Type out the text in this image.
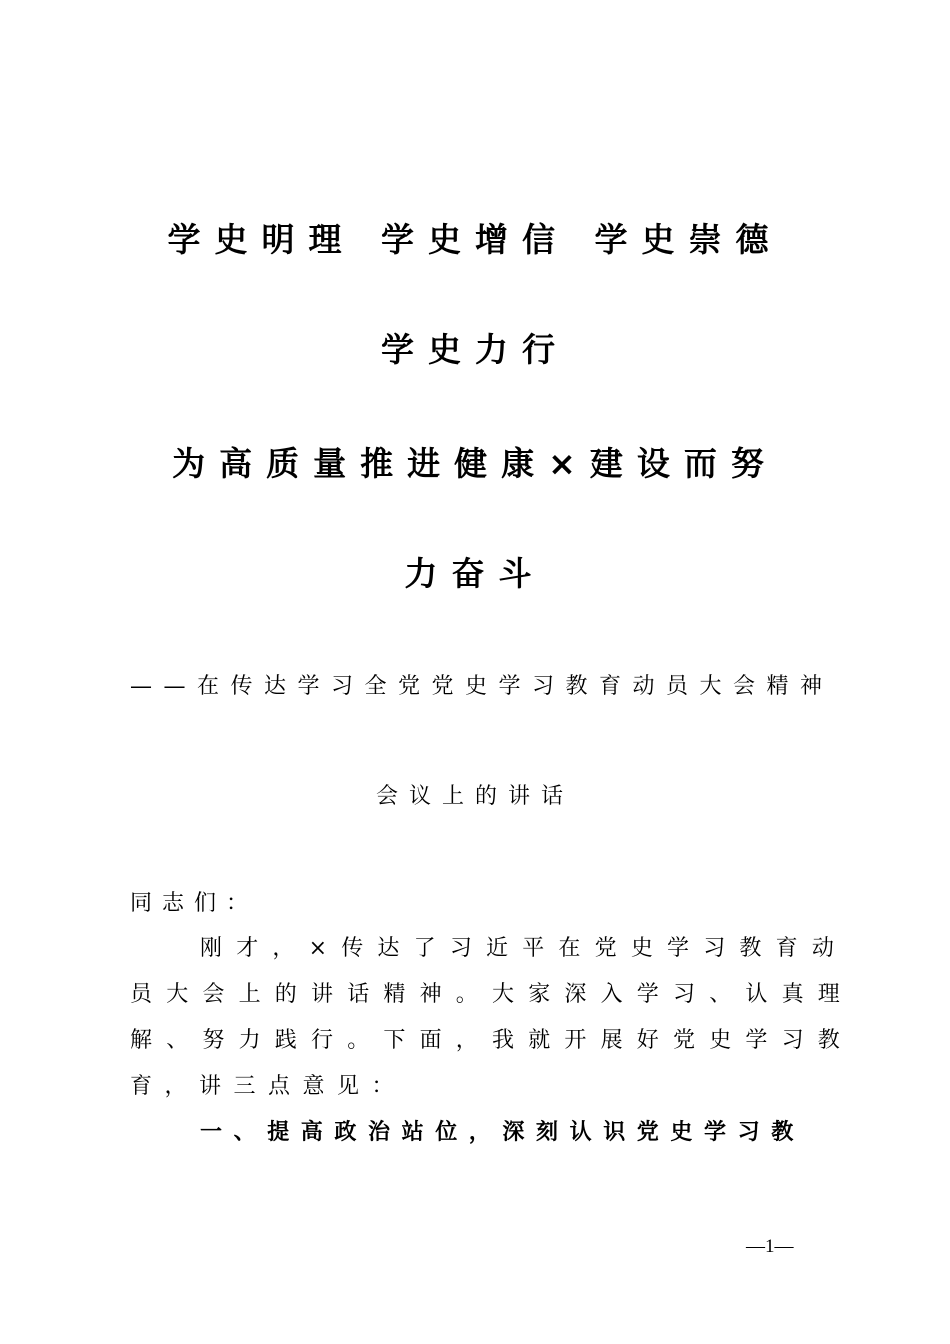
学史明理 学史增信 学史崇德
学史力行
为高质量推进健康×建设而努
力奋斗
——在传达学习全党党史学习教育动员大会精神
会议上的讲话
同志们：
刚才，×传达了习近平在党史学习教育动
员大会上的讲话精神。大家深入学习、认真理
解、努力践行。下面，我就开展好党史学习教
育，讲三点意见：
一、提高政治站位，深刻认识党史学习教
—1—
